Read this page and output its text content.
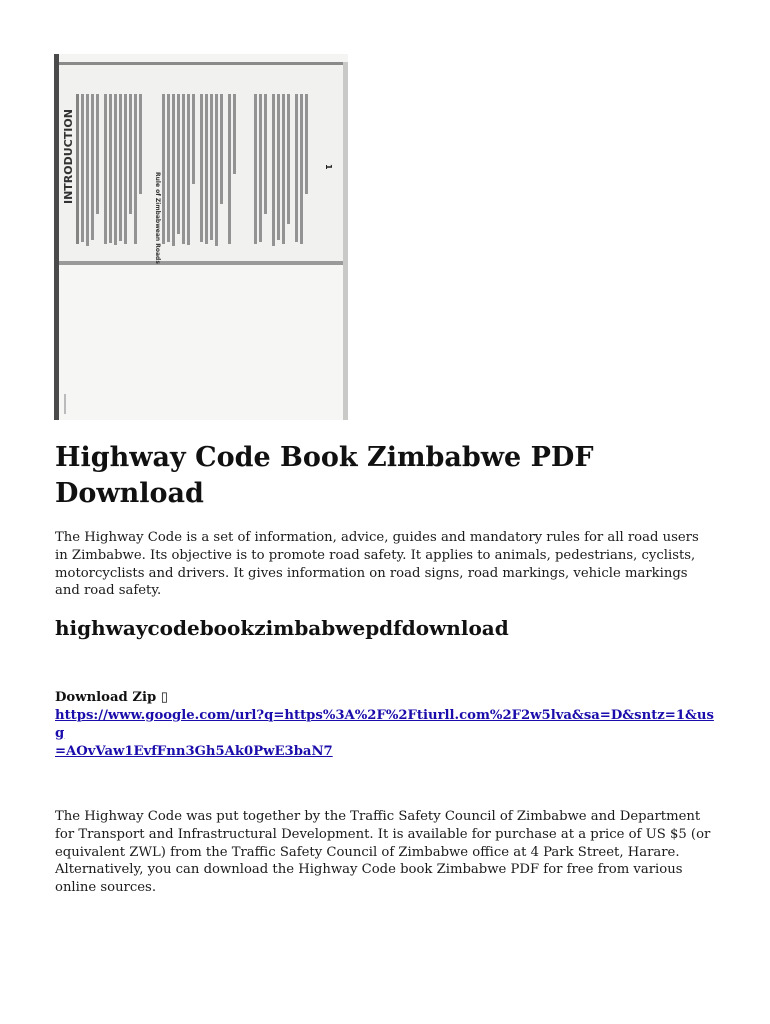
INTRODUCTION
Rule of Zimbabwean Roads
1
Highway Code Book Zimbabwe PDF Download

The Highway Code is a set of information, advice, guides and mandatory rules for all road users in Zimbabwe. Its objective is to promote road safety. It applies to animals, pedestrians, cyclists, motorcyclists and drivers. It gives information on road signs, road markings, vehicle markings and road safety.

highwaycodebookzimbabwepdfdownload

Download Zip ▯

https://www.google.com/url?q=https%3A%2F%2Ftiurll.com%2F2w5lva&sa=D&sntz=1&usg
=AOvVaw1EvfFnn3Gh5Ak0PwE3baN7

The Highway Code was put together by the Traffic Safety Council of Zimbabwe and Department for Transport and Infrastructural Development. It is available for purchase at a price of US $5 (or equivalent ZWL) from the Traffic Safety Council of Zimbabwe office at 4 Park Street, Harare. Alternatively, you can download the Highway Code book Zimbabwe PDF for free from various online sources.
